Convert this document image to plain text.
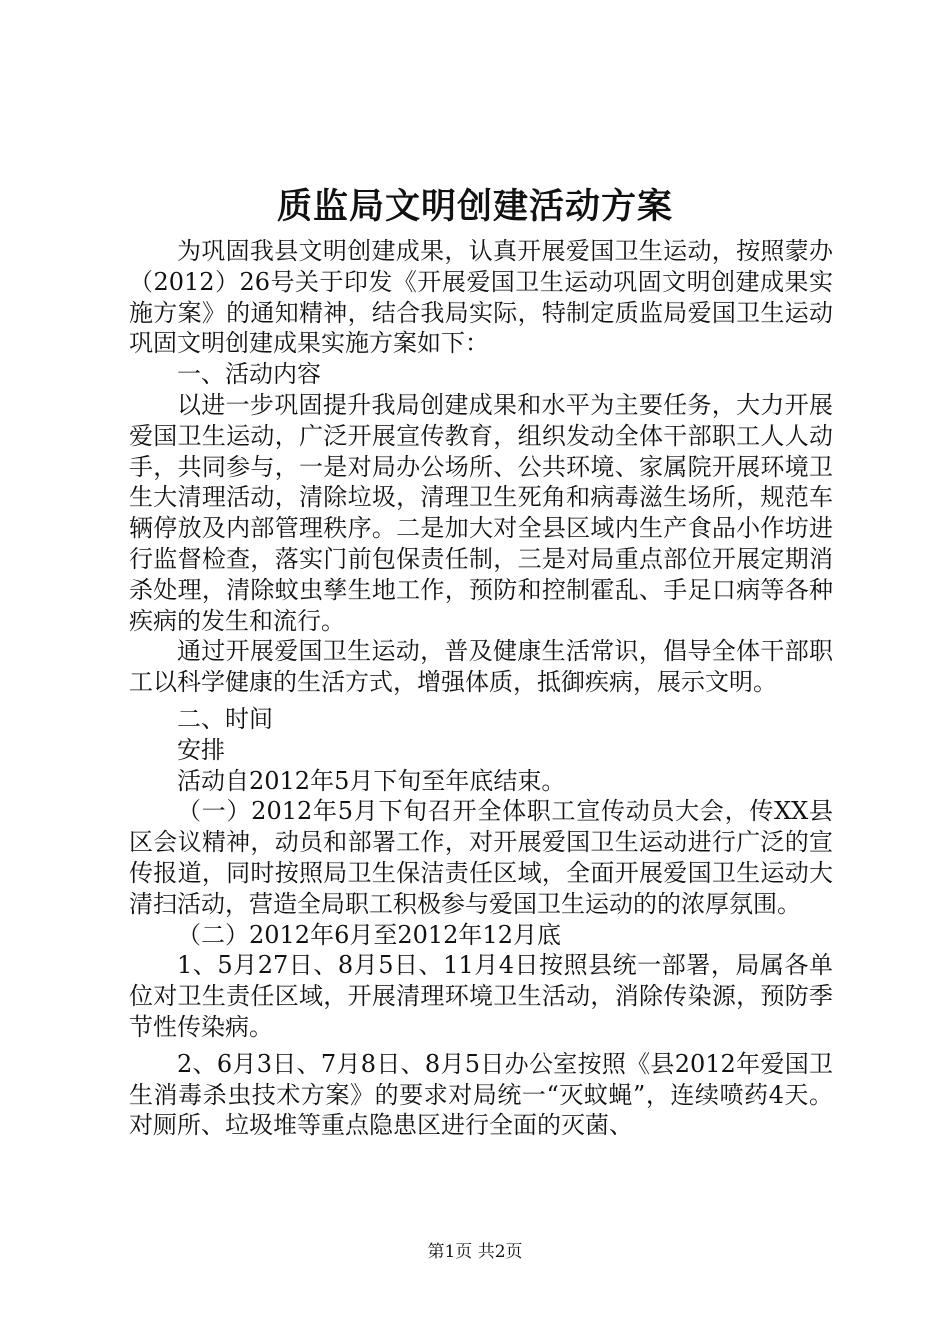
质监局文明创建活动方案

为巩固我县文明创建成果，认真开展爱国卫生运动，按照蒙办（2012）26号关于印发《开展爱国卫生运动巩固文明创建成果实施方案》的通知精神，结合我局实际，特制定质监局爱国卫生运动巩固文明创建成果实施方案如下：

一、活动内容

以进一步巩固提升我局创建成果和水平为主要任务，大力开展爱国卫生运动，广泛开展宣传教育，组织发动全体干部职工人人动手，共同参与，一是对局办公场所、公共环境、家属院开展环境卫生大清理活动，清除垃圾，清理卫生死角和病毒滋生场所，规范车辆停放及内部管理秩序。二是加大对全县区域内生产食品小作坊进行监督检查，落实门前包保责任制，三是对局重点部位开展定期消杀处理，清除蚊虫孳生地工作，预防和控制霍乱、手足口病等各种疾病的发生和流行。

通过开展爱国卫生运动，普及健康生活常识，倡导全体干部职工以科学健康的生活方式，增强体质，抵御疾病，展示文明。

二、时间

安排

活动自2012年5月下旬至年底结束。

（一）2012年5月下旬召开全体职工宣传动员大会，传XX县区会议精神，动员和部署工作，对开展爱国卫生运动进行广泛的宣传报道，同时按照局卫生保洁责任区域，全面开展爱国卫生运动大清扫活动，营造全局职工积极参与爱国卫生运动的的浓厚氛围。

（二）2012年6月至2012年12月底

1、5月27日、8月5日、11月4日按照县统一部署，局属各单位对卫生责任区域，开展清理环境卫生活动，消除传染源，预防季节性传染病。

2、6月3日、7月8日、8月5日办公室按照《县2012年爱国卫生消毒杀虫技术方案》的要求对局统一“灭蚊蝇”，连续喷药4天。对厕所、垃圾堆等重点隐患区进行全面的灭菌、

第1页 共2页
